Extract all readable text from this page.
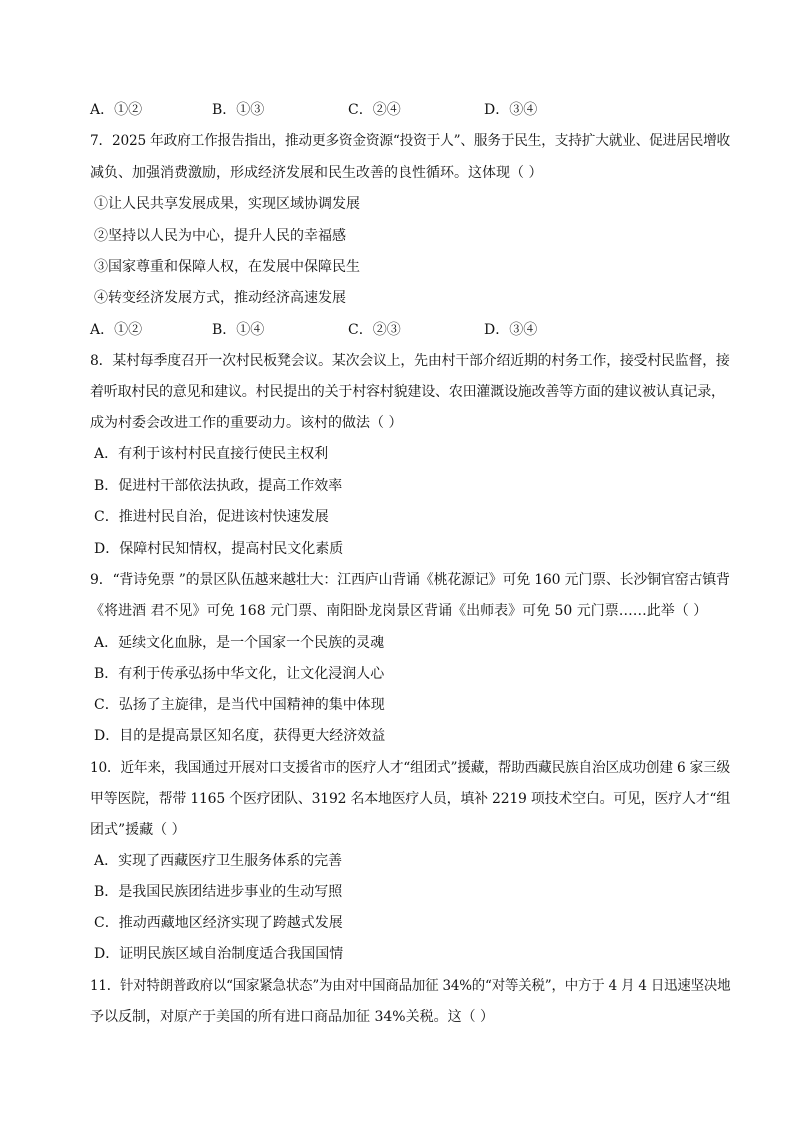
A．①②	B．①③	C．②④	D．③④
7．2025 年政府工作报告指出，推动更多资金资源“投资于人”、服务于民生，支持扩大就业、促进居民增收
减负、加强消费激励，形成经济发展和民生改善的良性循环。这体现（ ）
①让人民共享发展成果，实现区域协调发展
②坚持以人民为中心，提升人民的幸福感
③国家尊重和保障人权，在发展中保障民生
④转变经济发展方式，推动经济高速发展
A．①②	B．①④	C．②③	D．③④
8．某村每季度召开一次村民板凳会议。某次会议上，先由村干部介绍近期的村务工作，接受村民监督，接
着听取村民的意见和建议。村民提出的关于村容村貌建设、农田灌溉设施改善等方面的建议被认真记录，
成为村委会改进工作的重要动力。该村的做法（ ）
A．有利于该村村民直接行使民主权利
B．促进村干部依法执政，提高工作效率
C．推进村民自治，促进该村快速发展
D．保障村民知情权，提高村民文化素质
9．“背诗免票 ”的景区队伍越来越壮大：江西庐山背诵《桃花源记》可免 160 元门票、长沙铜官窑古镇背
《将进酒 君不见》可免 168 元门票、南阳卧龙岗景区背诵《出师表》可免 50 元门票……此举（ ）
A．延续文化血脉，是一个国家一个民族的灵魂
B．有利于传承弘扬中华文化，让文化浸润人心
C．弘扬了主旋律，是当代中国精神的集中体现
D．目的是提高景区知名度，获得更大经济效益
10．近年来，我国通过开展对口支援省市的医疗人才“组团式”援藏，帮助西藏民族自治区成功创建 6 家三级
甲等医院，帮带 1165 个医疗团队、3192 名本地医疗人员，填补 2219 项技术空白。可见，医疗人才“组
团式”援藏（ ）
A．实现了西藏医疗卫生服务体系的完善
B．是我国民族团结进步事业的生动写照
C．推动西藏地区经济实现了跨越式发展
D．证明民族区域自治制度适合我国国情
11．针对特朗普政府以“国家紧急状态”为由对中国商品加征 34%的“对等关税”，中方于 4 月 4 日迅速坚决地
予以反制，对原产于美国的所有进口商品加征 34%关税。这（ ）
